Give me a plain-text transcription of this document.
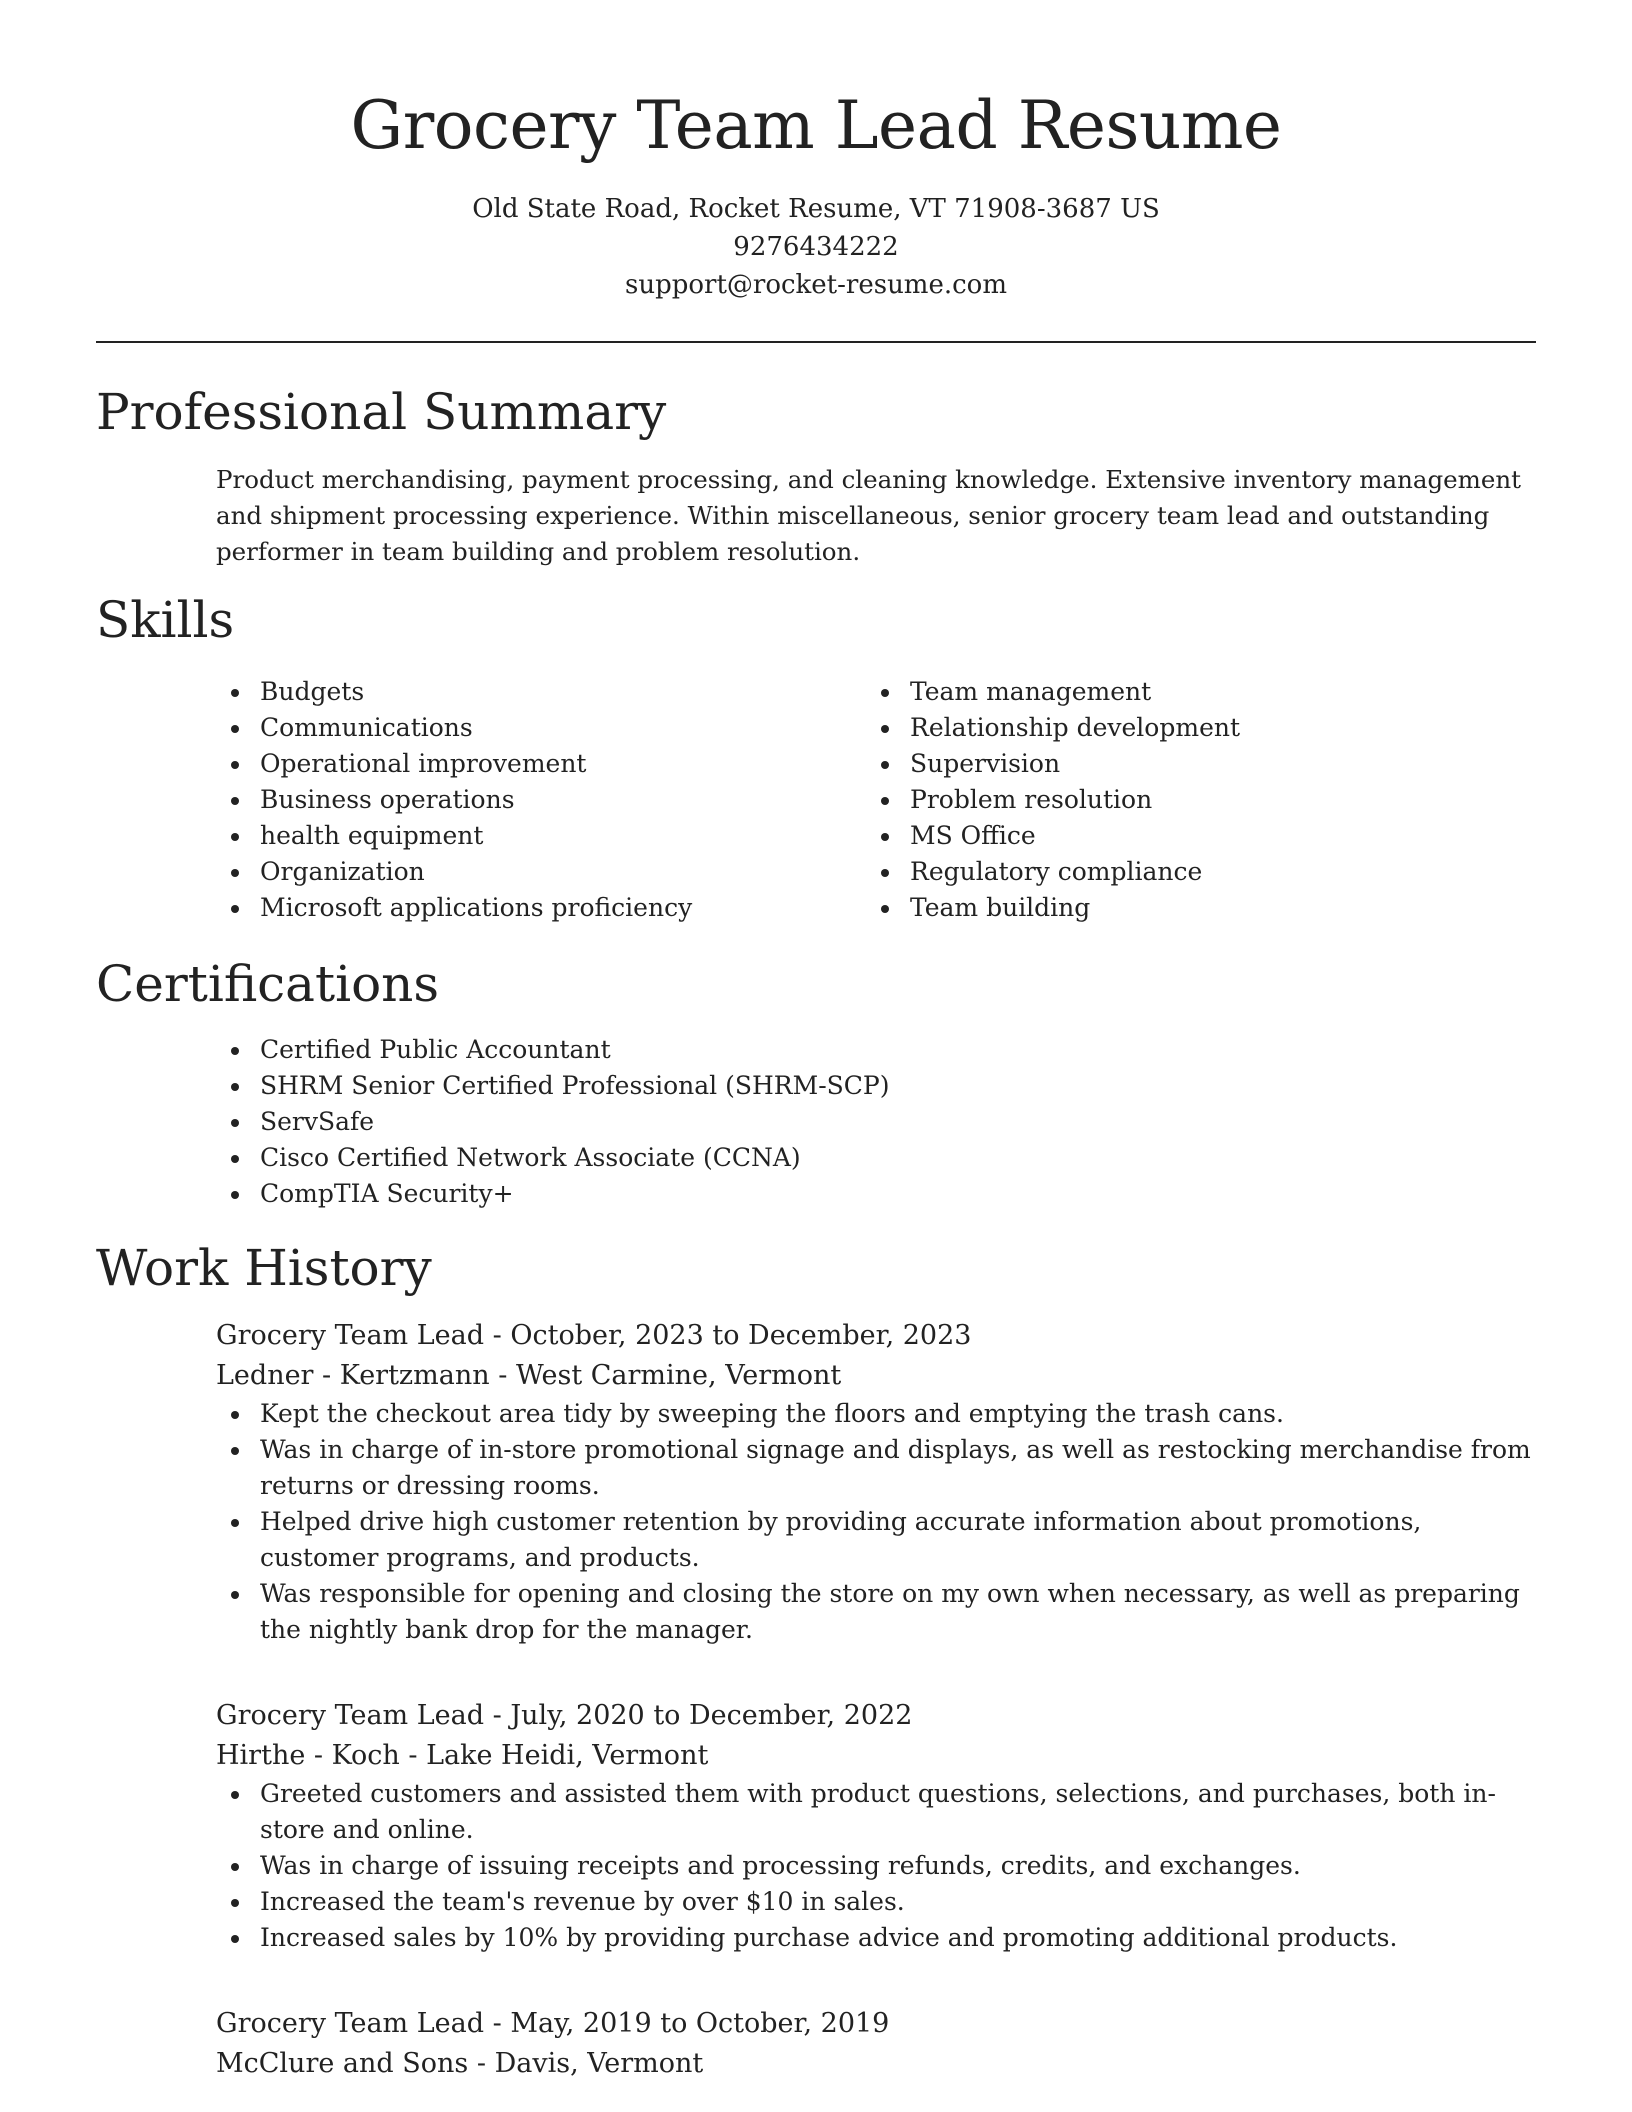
Grocery Team Lead Resume
Old State Road, Rocket Resume, VT 71908-3687 US
9276434222
support@rocket-resume.com
Professional Summary

Product merchandising, payment processing, and cleaning knowledge. Extensive inventory management and shipment processing experience. Within miscellaneous, senior grocery team lead and outstanding performer in team building and problem resolution.

Skills
Budgets
Communications
Operational improvement
Business operations
health equipment
Organization
Microsoft applications proficiency
Team management
Relationship development
Supervision
Problem resolution
MS Office
Regulatory compliance
Team building
Certifications
Certified Public Accountant
SHRM Senior Certified Professional (SHRM-SCP)
ServSafe
Cisco Certified Network Associate (CCNA)
CompTIA Security+
Work History

Grocery Team Lead - October, 2023 to December, 2023

Ledner - Kertzmann - West Carmine, Vermont

Kept the checkout area tidy by sweeping the floors and emptying the trash cans.
Was in charge of in-store promotional signage and displays, as well as restocking merchandise from returns or dressing rooms.
Helped drive high customer retention by providing accurate information about promotions, customer programs, and products.
Was responsible for opening and closing the store on my own when necessary, as well as preparing the nightly bank drop for the manager.

Grocery Team Lead - July, 2020 to December, 2022

Hirthe - Koch - Lake Heidi, Vermont

Greeted customers and assisted them with product questions, selections, and purchases, both in-store and online.
Was in charge of issuing receipts and processing refunds, credits, and exchanges.
Increased the team's revenue by over $10 in sales.
Increased sales by 10% by providing purchase advice and promoting additional products.

Grocery Team Lead - May, 2019 to October, 2019

McClure and Sons - Davis, Vermont
